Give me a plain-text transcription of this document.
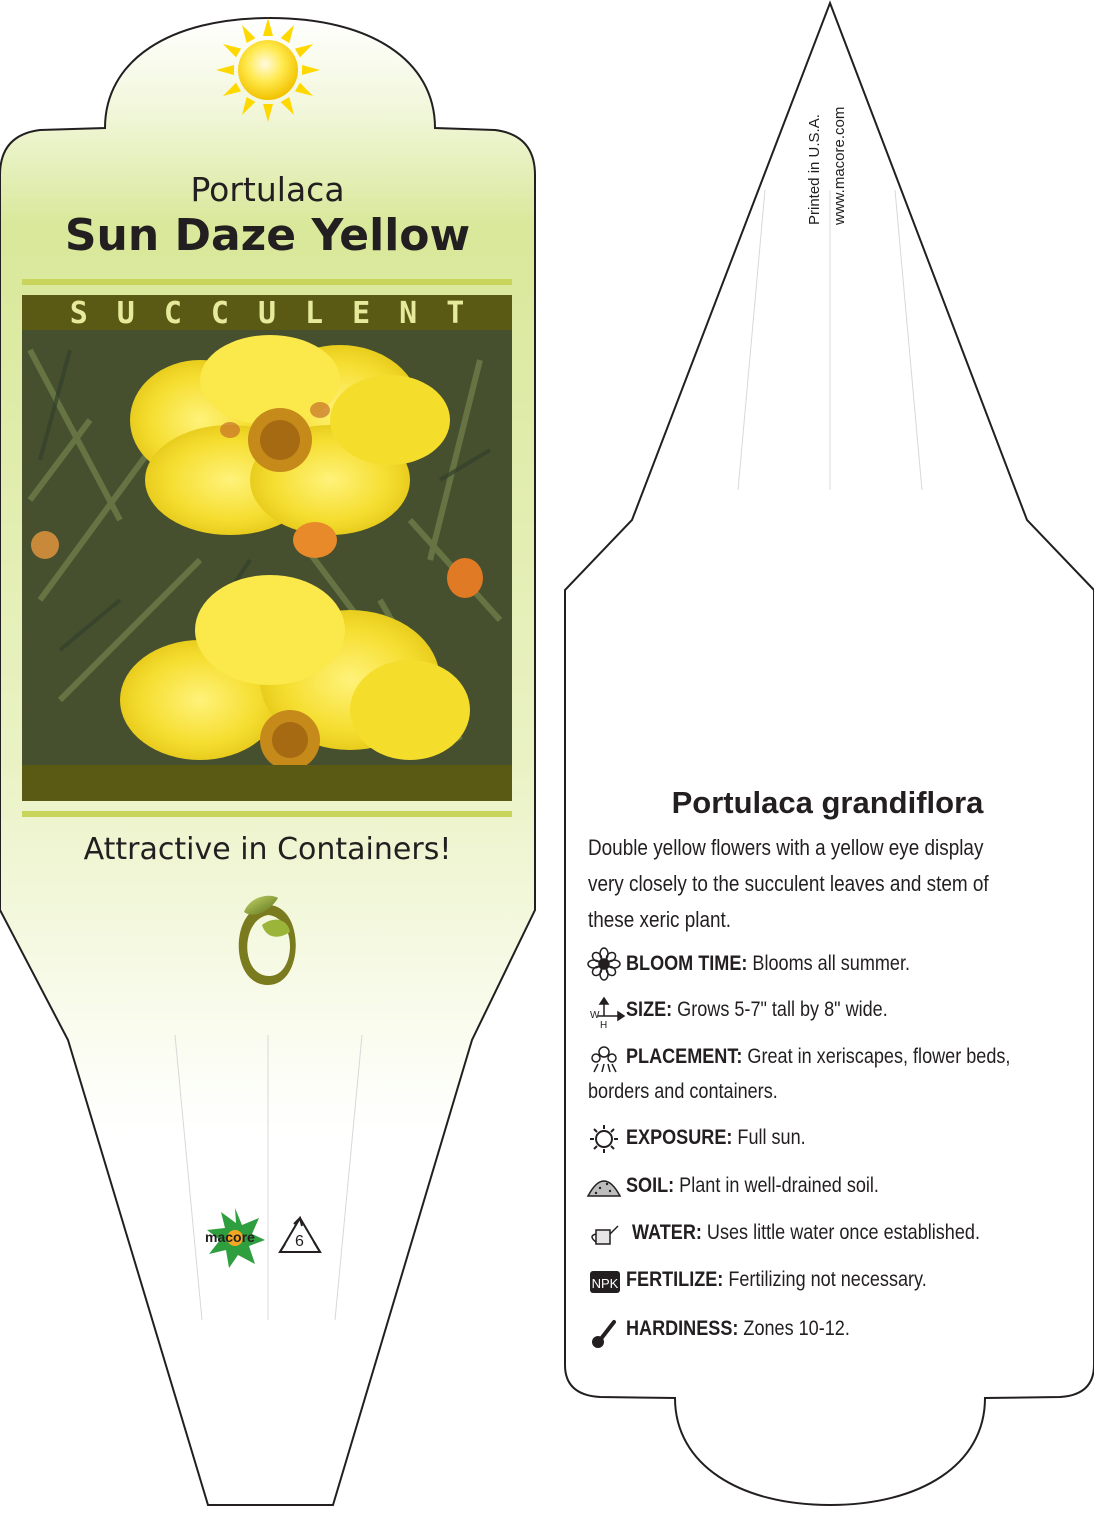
W
H
NPK
Portulaca
Sun Daze Yellow
SUCCULENT
Attractive in Containers!
macore	6
Printed in U.S.A. www.macore.com
Portulaca grandiflora
Double yellow flowers with a yellow eye display very closely to the succulent leaves and stem of these xeric plant.
BLOOM TIME: Blooms all summer.
SIZE: Grows 5-7" tall by 8" wide.
PLACEMENT: Great in xeriscapes, flower beds,
borders and containers.
EXPOSURE: Full sun.
SOIL: Plant in well-drained soil.
WATER: Uses little water once established.
FERTILIZE: Fertilizing not necessary.
HARDINESS: Zones 10-12.
